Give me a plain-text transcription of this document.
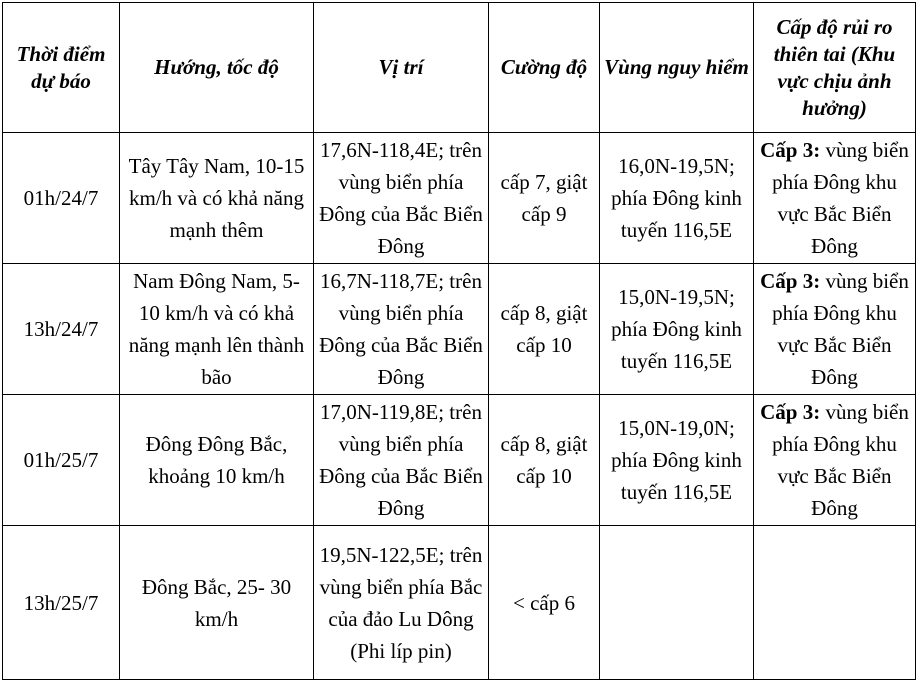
Thời điểm dự báo	Hướng, tốc độ	Vị trí	Cường độ	Vùng nguy hiểm	Cấp độ rủi ro thiên tai (Khu vực chịu ảnh hưởng)
01h/24/7	Tây Tây Nam, 10-15 km/h và có khả năng mạnh thêm	17,6N-118,4E; trên vùng biển phía Đông của Bắc Biển Đông	cấp 7, giật cấp 9	16,0N-19,5N; phía Đông kinh tuyến 116,5E	Cấp 3: vùng biển phía Đông khu vực Bắc Biển Đông
13h/24/7	Nam Đông Nam, 5-10 km/h và có khả năng mạnh lên thành bão	16,7N-118,7E; trên vùng biển phía Đông của Bắc Biển Đông	cấp 8, giật cấp 10	15,0N-19,5N; phía Đông kinh tuyến 116,5E	Cấp 3: vùng biển phía Đông khu vực Bắc Biển Đông
01h/25/7	Đông Đông Bắc, khoảng 10 km/h	17,0N-119,8E; trên vùng biển phía Đông của Bắc Biển Đông	cấp 8, giật cấp 10	15,0N-19,0N; phía Đông kinh tuyến 116,5E	Cấp 3: vùng biển phía Đông khu vực Bắc Biển Đông
13h/25/7	Đông Bắc, 25- 30 km/h	19,5N-122,5E; trên vùng biển phía Bắc của đảo Lu Dông (Phi líp pin)	< cấp 6		
